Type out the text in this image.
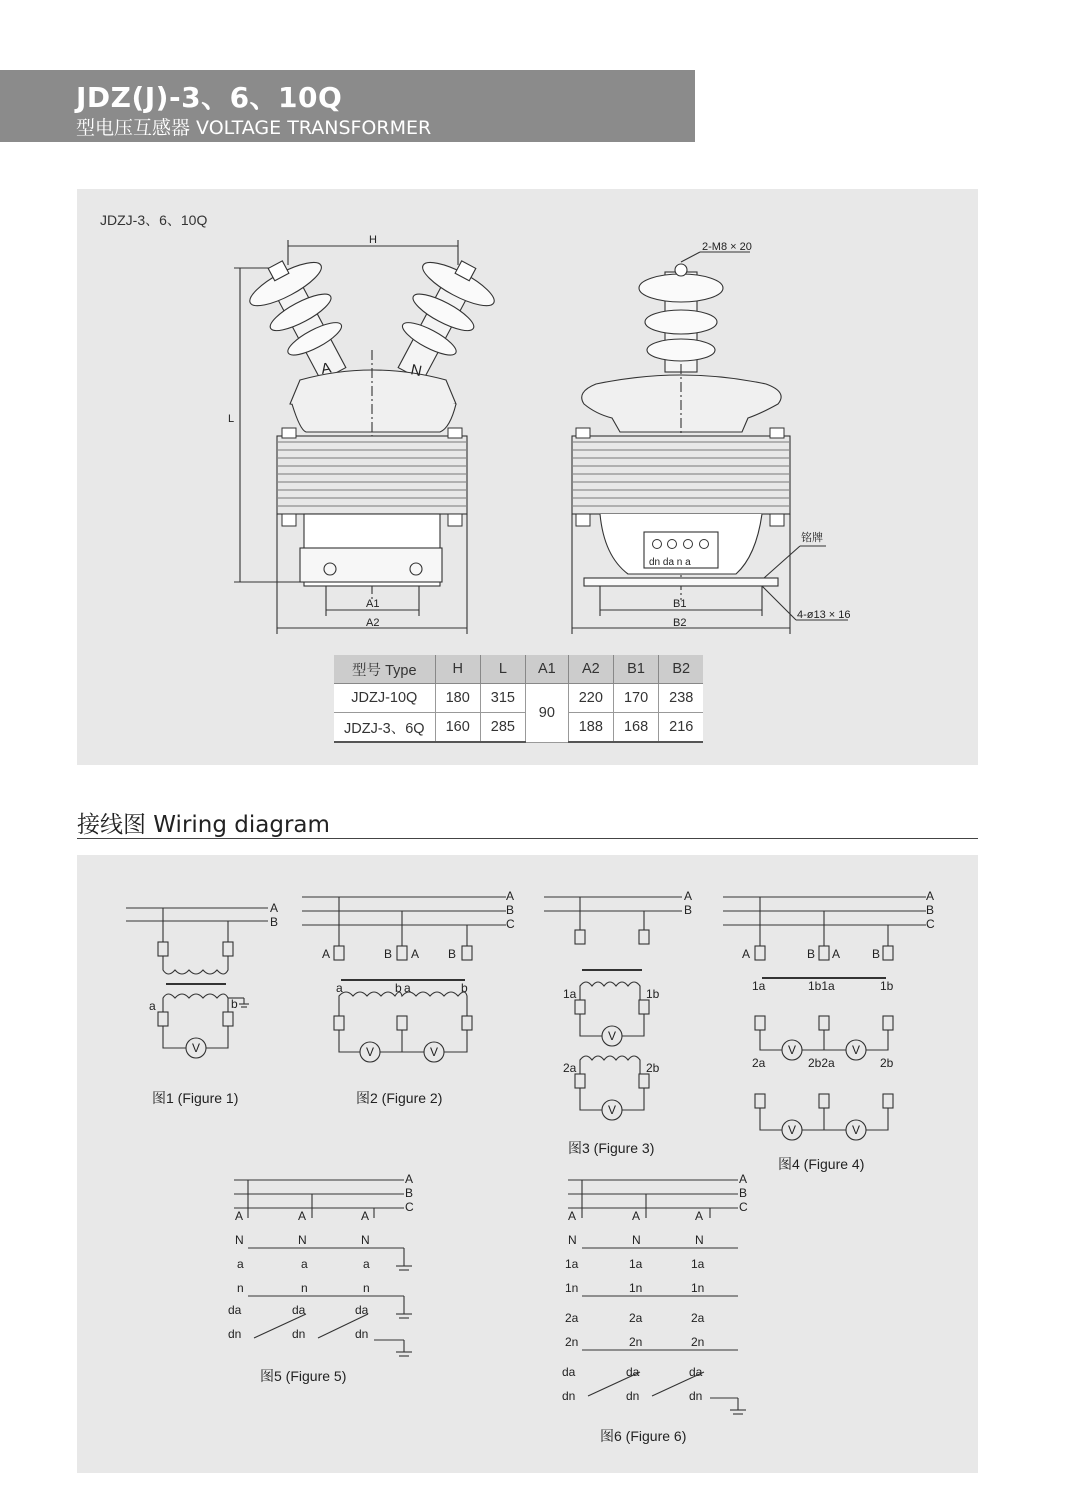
JDZ(J)-3、6、10Q
型电压互感器 VOLTAGE TRANSFORMER
JDZJ-3、6、10Q
H
L
A1
A2
B1
B2
2-M8 × 20
铭牌
4-ø13 × 16
dn da n a
A	N
型号 Type	H	L	A1	A2	B1	B2
JDZJ-10Q	180	315	90	220	170	238
JDZJ-3、6Q	160	285		188	168	216
接线图 Wiring diagram
V	V	V
V
V
V	V
V	V
A
B
a	b
A
B
C
A	B A B
a	b a	b
A
B
1a	1b
2a	2b
A
B
C
A	B A	B
1a	1b1a	1b
2a	2b2a	2b
A
B
C
A	A	A
N	N	N
a	a	a
n	n	n
da	da	da
dn	dn	dn
A
B
C
A	A	A
N	N	N
1a	1a	1a
1n	1n	1n
2a	2a	2a
2n	2n	2n
da	da	da
dn	dn	dn
图1 (Figure 1)	图2 (Figure 2)
图3 (Figure 3)
图4 (Figure 4)
图5 (Figure 5)
图6 (Figure 6)
